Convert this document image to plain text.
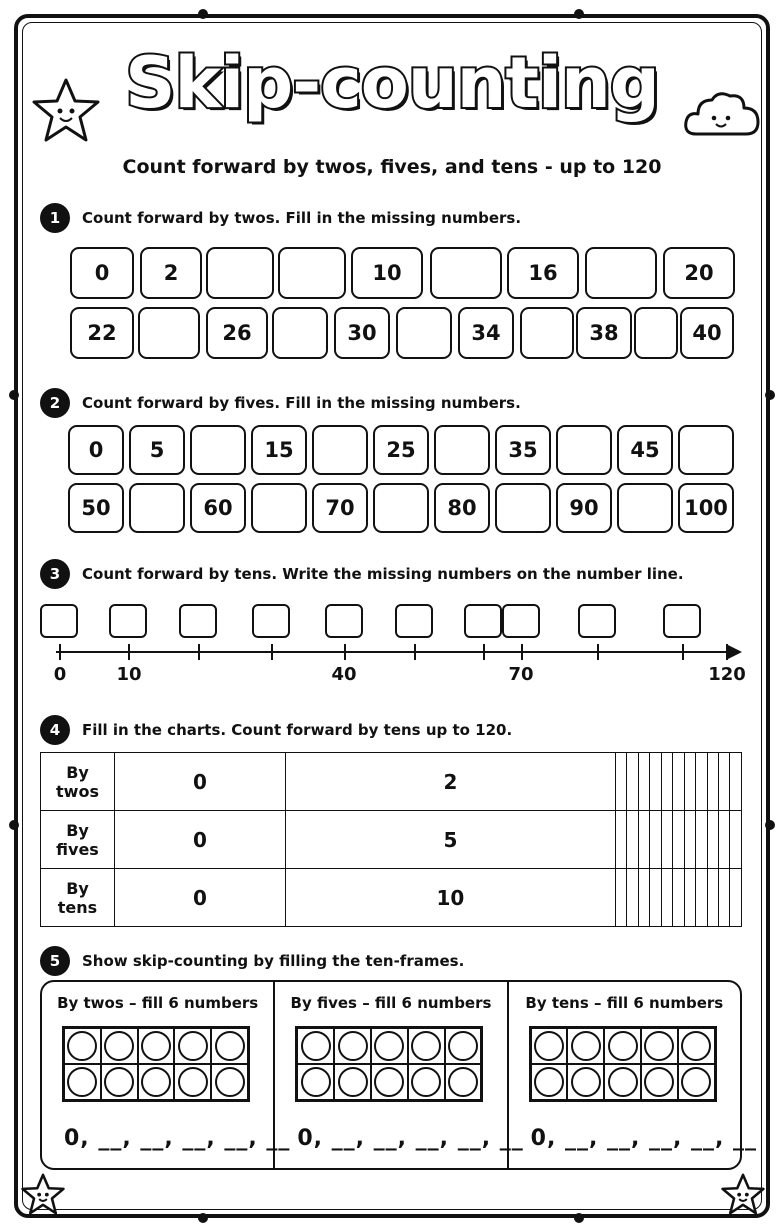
Skip-counting
Count forward by twos, fives, and tens - up to 120
1	Count forward by twos. Fill in the missing numbers.
0	2	10	16	20
22	26	30	34	38	40
2	Count forward by fives. Fill in the missing numbers.
0	5	15	25	35	45
50	60	70	80	90	100
3	Count forward by tens. Write the missing numbers on the number line.
0	10	40	70	120
4	Fill in the charts. Count forward by tens up to 120.
By
twos	0	2											

By
fives	0	5											

By
tens	0	10											
5	Show skip-counting by filling the ten-frames.
By twos – fill 6 numbers
0, __, __, __, __, __
By fives – fill 6 numbers
0, __, __, __, __, __
By tens – fill 6 numbers
0, __, __, __, __, __
